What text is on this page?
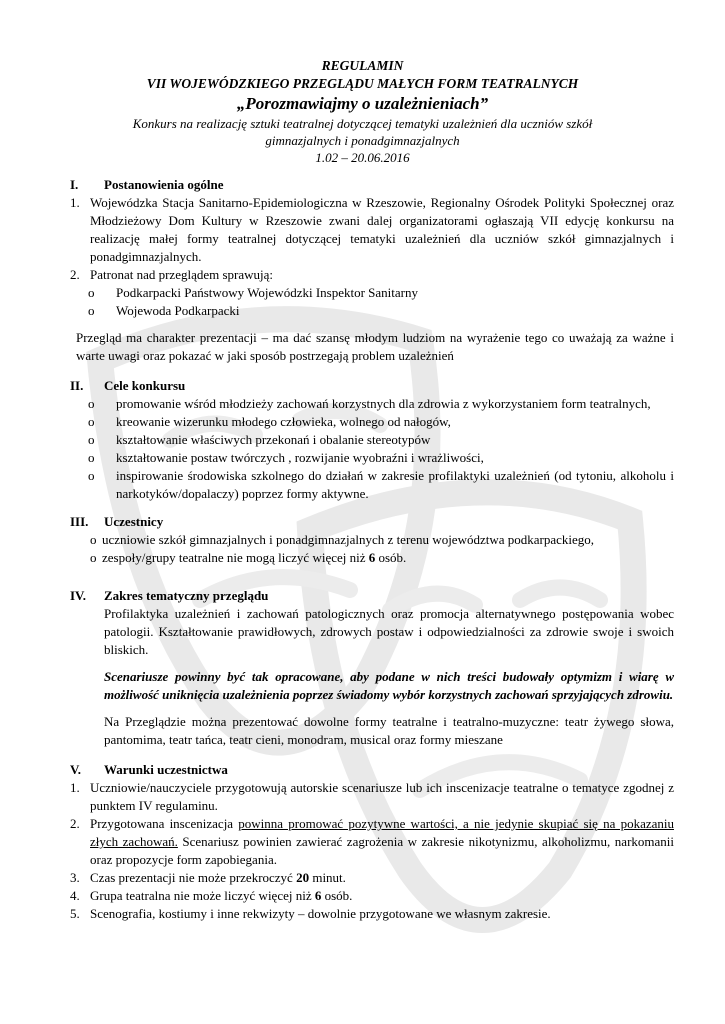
REGULAMIN
VII WOJEWÓDZKIEGO PRZEGLĄDU MAŁYCH FORM TEATRALNYCH
„Porozmawiajmy o uzależnieniach”
Konkurs na realizację sztuki teatralnej dotyczącej tematyki uzależnień dla uczniów szkół
gimnazjalnych i ponadgimnazjalnych
1.02 – 20.06.2016
I.	Postanowienia ogólne
1. Wojewódzka Stacja Sanitarno-Epidemiologiczna w Rzeszowie, Regionalny Ośrodek Polityki Społecznej oraz Młodzieżowy Dom Kultury w Rzeszowie zwani dalej organizatorami ogłaszają VII edycję konkursu na realizację małej formy teatralnej dotyczącej tematyki uzależnień dla uczniów szkół gimnazjalnych i ponadgimnazjalnych.
2. Patronat nad przeglądem sprawują:
o	Podkarpacki Państwowy Wojewódzki Inspektor Sanitarny
o	Wojewoda Podkarpacki
Przegląd ma charakter prezentacji – ma dać szansę młodym ludziom na wyrażenie tego co uważają za ważne i warte uwagi oraz pokazać w jaki sposób postrzegają problem uzależnień
II.	Cele konkursu
o	promowanie wśród młodzieży zachowań korzystnych dla zdrowia z wykorzystaniem form teatralnych,
o	kreowanie wizerunku młodego człowieka, wolnego od nałogów,
o	kształtowanie właściwych przekonań i obalanie stereotypów
o	kształtowanie postaw twórczych , rozwijanie wyobraźni i wrażliwości,
o	inspirowanie środowiska szkolnego do działań w zakresie profilaktyki uzależnień (od tytoniu, alkoholu i narkotyków/dopalaczy) poprzez formy aktywne.
III.	Uczestnicy
o uczniowie szkół gimnazjalnych i ponadgimnazjalnych z terenu województwa podkarpackiego,
o zespoły/grupy teatralne nie mogą liczyć więcej niż 6 osób.
IV.	Zakres tematyczny przeglądu
Profilaktyka uzależnień i zachowań patologicznych oraz promocja alternatywnego postępowania wobec patologii. Kształtowanie prawidłowych, zdrowych postaw i odpowiedzialności za zdrowie swoje i swoich bliskich.
Scenariusze powinny być tak opracowane, aby podane w nich treści budowały optymizm i wiarę w możliwość uniknięcia uzależnienia poprzez świadomy wybór korzystnych zachowań sprzyjających zdrowiu.
Na Przeglądzie można prezentować dowolne formy teatralne i teatralno-muzyczne: teatr żywego słowa, pantomima, teatr tańca, teatr cieni, monodram, musical oraz formy mieszane
V.	Warunki uczestnictwa
1. Uczniowie/nauczyciele przygotowują autorskie scenariusze lub ich inscenizacje teatralne o tematyce zgodnej z punktem IV regulaminu.
2. Przygotowana inscenizacja powinna promować pozytywne wartości, a nie jedynie skupiać się na pokazaniu złych zachowań. Scenariusz powinien zawierać zagrożenia w zakresie nikotynizmu, alkoholizmu, narkomanii oraz propozycje form zapobiegania.
3. Czas prezentacji nie może przekroczyć 20 minut.
4. Grupa teatralna nie może liczyć więcej niż 6 osób.
5. Scenografia, kostiumy i inne rekwizyty – dowolnie przygotowane we własnym zakresie.
